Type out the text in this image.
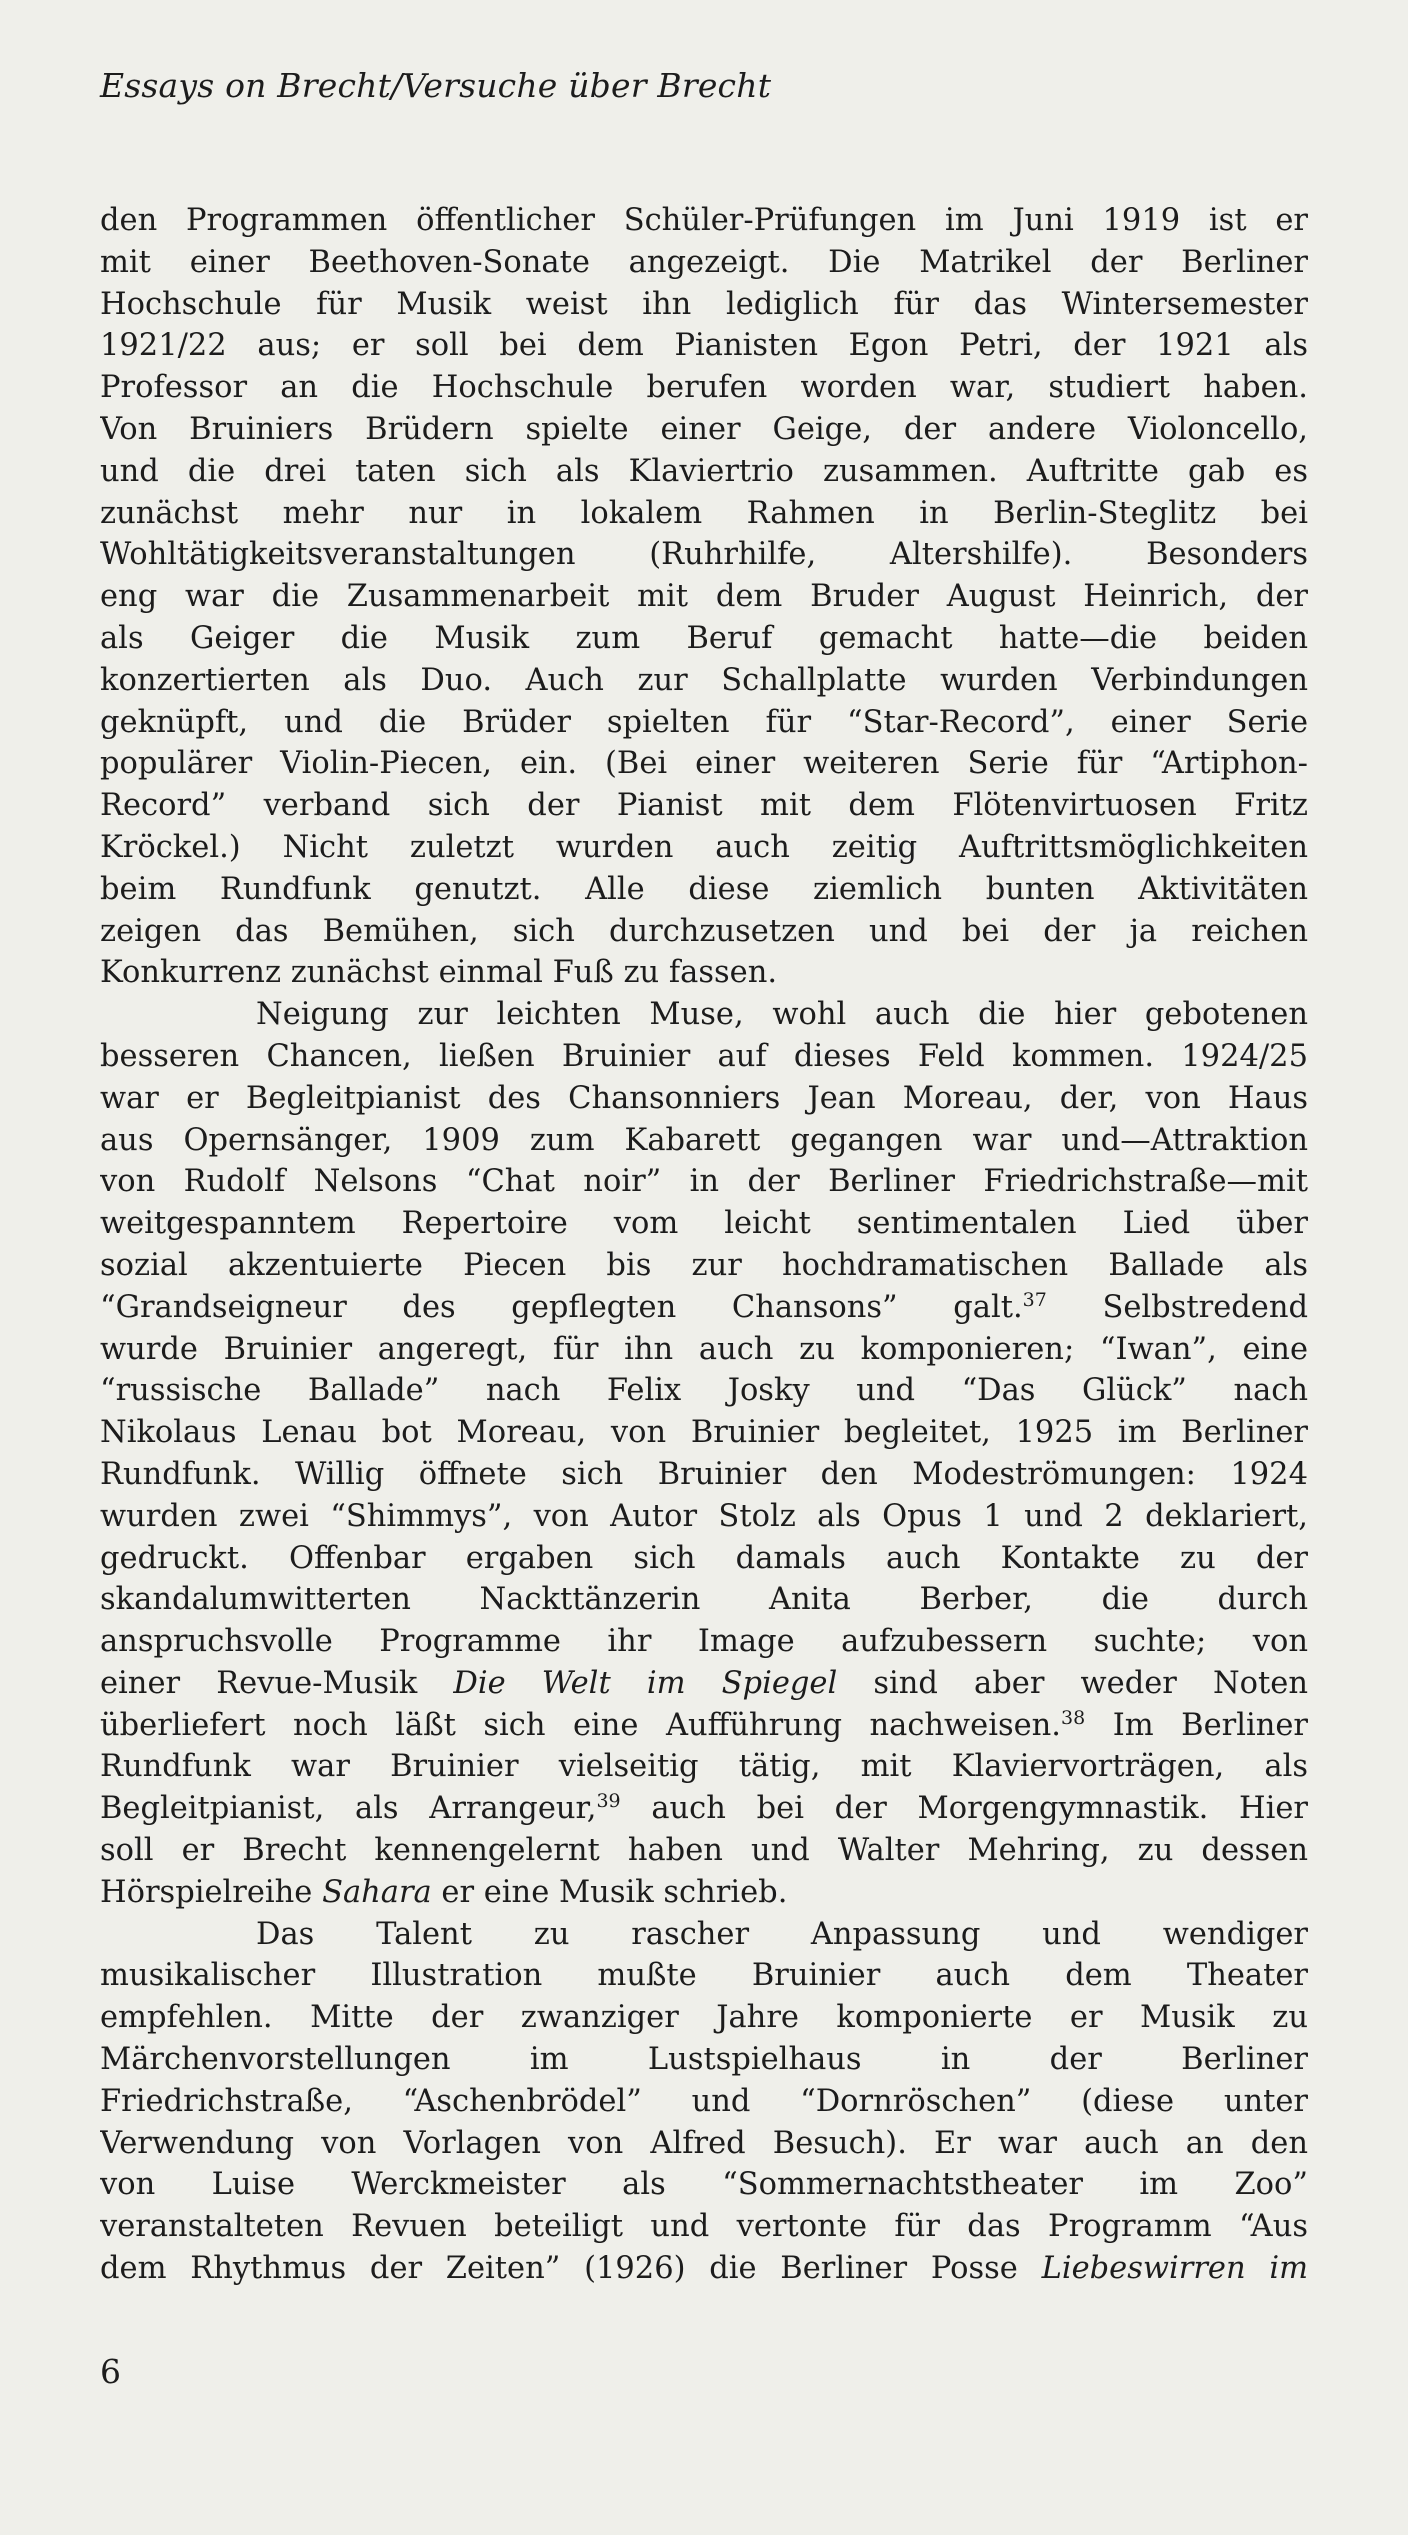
Essays on Brecht/Versuche über Brecht
den Programmen öffentlicher Schüler-Prüfungen im Juni 1919 ist er
mit einer Beethoven-Sonate angezeigt. Die Matrikel der Berliner
Hochschule für Musik weist ihn lediglich für das Wintersemester
1921/22 aus; er soll bei dem Pianisten Egon Petri, der 1921 als
Professor an die Hochschule berufen worden war, studiert haben.
Von Bruiniers Brüdern spielte einer Geige, der andere Violoncello,
und die drei taten sich als Klaviertrio zusammen. Auftritte gab es
zunächst mehr nur in lokalem Rahmen in Berlin-Steglitz bei
Wohltätigkeitsveranstaltungen (Ruhrhilfe, Altershilfe). Besonders
eng war die Zusammenarbeit mit dem Bruder August Heinrich, der
als Geiger die Musik zum Beruf gemacht hatte—die beiden
konzertierten als Duo. Auch zur Schallplatte wurden Verbindungen
geknüpft, und die Brüder spielten für “Star-Record”, einer Serie
populärer Violin-Piecen, ein. (Bei einer weiteren Serie für “Artiphon-
Record” verband sich der Pianist mit dem Flötenvirtuosen Fritz
Kröckel.) Nicht zuletzt wurden auch zeitig Auftrittsmöglichkeiten
beim Rundfunk genutzt. Alle diese ziemlich bunten Aktivitäten
zeigen das Bemühen, sich durchzusetzen und bei der ja reichen
Konkurrenz zunächst einmal Fuß zu fassen.
Neigung zur leichten Muse, wohl auch die hier gebotenen
besseren Chancen, ließen Bruinier auf dieses Feld kommen. 1924/25
war er Begleitpianist des Chansonniers Jean Moreau, der, von Haus
aus Opernsänger, 1909 zum Kabarett gegangen war und—Attraktion
von Rudolf Nelsons “Chat noir” in der Berliner Friedrichstraße—mit
weitgespanntem Repertoire vom leicht sentimentalen Lied über
sozial akzentuierte Piecen bis zur hochdramatischen Ballade als
“Grandseigneur des gepflegten Chansons” galt.$^{37}$ Selbstredend
wurde Bruinier angeregt, für ihn auch zu komponieren; “Iwan”, eine
“russische Ballade” nach Felix Josky und “Das Glück” nach
Nikolaus Lenau bot Moreau, von Bruinier begleitet, 1925 im Berliner
Rundfunk. Willig öffnete sich Bruinier den Modeströmungen: 1924
wurden zwei “Shimmys”, von Autor Stolz als Opus 1 und 2 deklariert,
gedruckt. Offenbar ergaben sich damals auch Kontakte zu der
skandalumwitterten Nackttänzerin Anita Berber, die durch
anspruchsvolle Programme ihr Image aufzubessern suchte; von
einer Revue-Musik Die Welt im Spiegel sind aber weder Noten
überliefert noch läßt sich eine Aufführung nachweisen.$^{38}$ Im Berliner
Rundfunk war Bruinier vielseitig tätig, mit Klaviervorträgen, als
Begleitpianist, als Arrangeur,$^{39}$ auch bei der Morgengymnastik. Hier
soll er Brecht kennengelernt haben und Walter Mehring, zu dessen
Hörspielreihe Sahara er eine Musik schrieb.
Das Talent zu rascher Anpassung und wendiger
musikalischer Illustration mußte Bruinier auch dem Theater
empfehlen. Mitte der zwanziger Jahre komponierte er Musik zu
Märchenvorstellungen im Lustspielhaus in der Berliner
Friedrichstraße, “Aschenbrödel” und “Dornröschen” (diese unter
Verwendung von Vorlagen von Alfred Besuch). Er war auch an den
von Luise Werckmeister als “Sommernachtstheater im Zoo”
veranstalteten Revuen beteiligt und vertonte für das Programm “Aus
dem Rhythmus der Zeiten” (1926) die Berliner Posse Liebeswirren im
6
